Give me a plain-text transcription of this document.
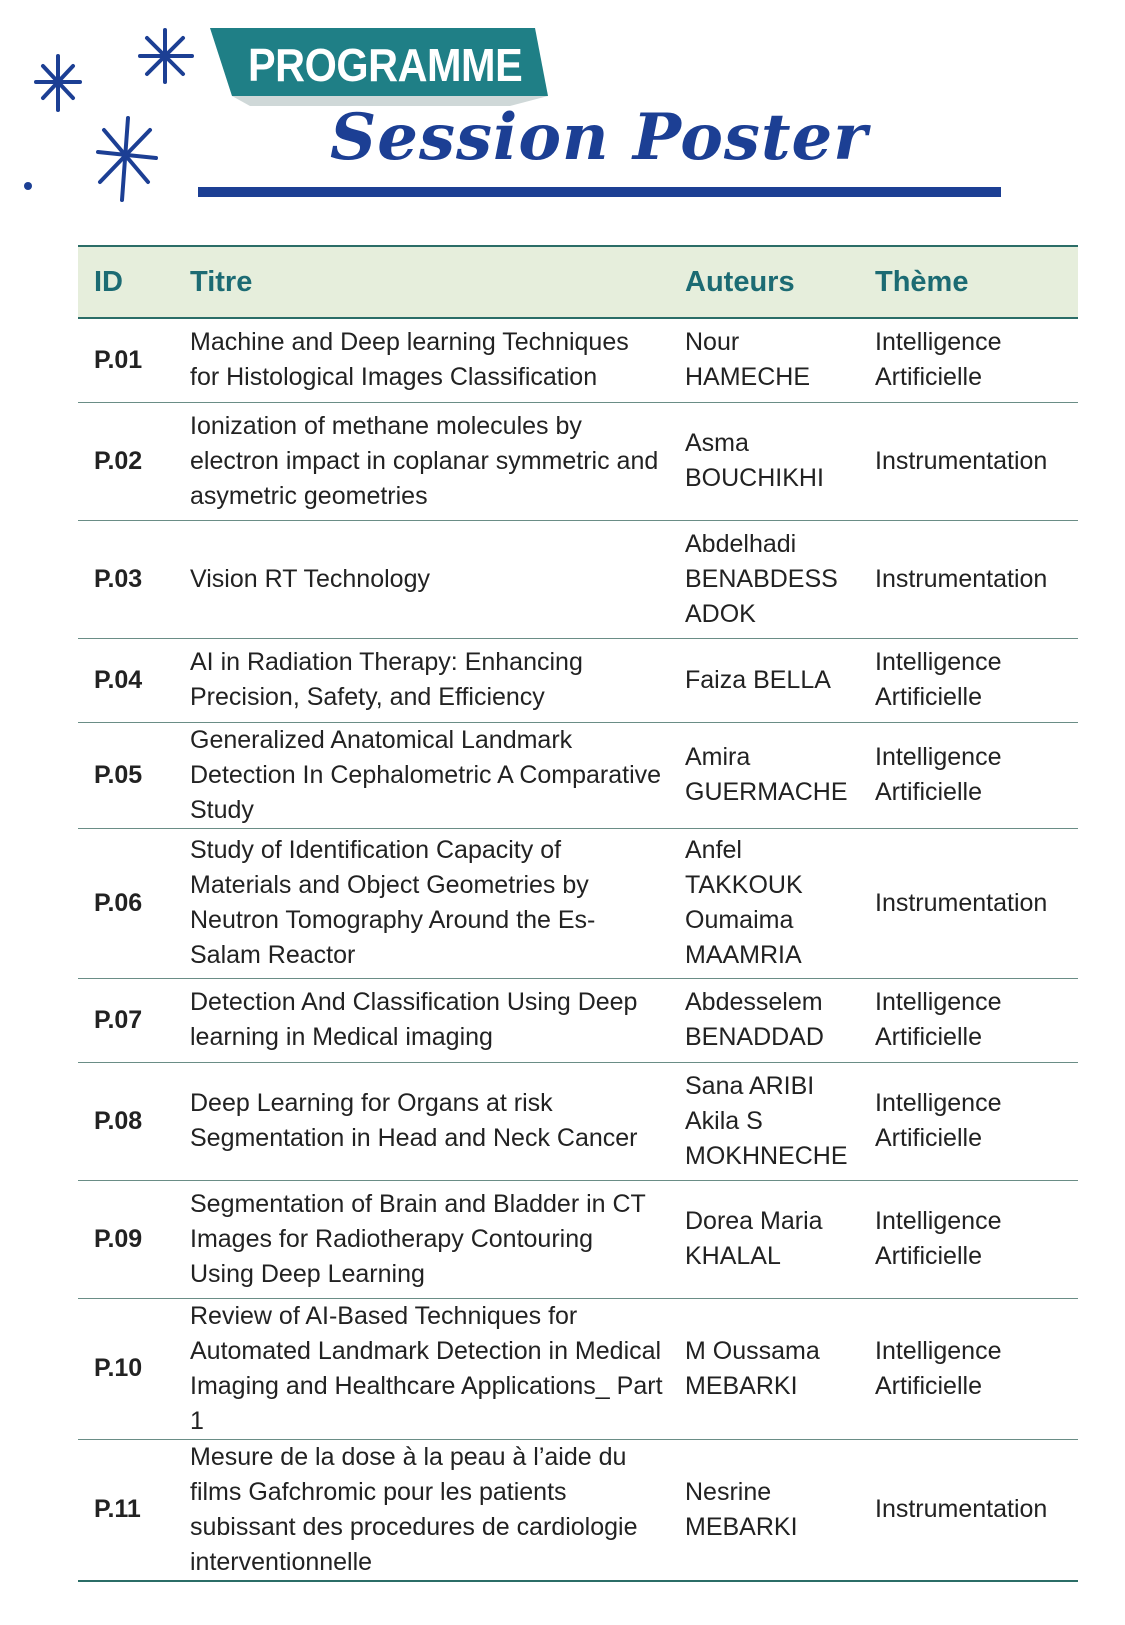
PROGRAMME
Session Poster
ID	Titre	Auteurs	Thème
P.01	Machine and Deep learning Techniques for Histological Images Classification	Nour HAMECHE	Intelligence Artificielle
P.02	Ionization of methane molecules by electron impact in coplanar symmetric and asymetric geometries	Asma BOUCHIKHI	Instrumentation
P.03	Vision RT Technology	Abdelhadi BENABDESS ADOK	Instrumentation
P.04	AI in Radiation Therapy: Enhancing Precision, Safety, and Efficiency	Faiza BELLA	Intelligence Artificielle
P.05	Generalized Anatomical Landmark Detection In Cephalometric A Comparative Study	Amira GUERMACHE	Intelligence Artificielle
P.06	Study of Identification Capacity of Materials and Object Geometries by Neutron Tomography Around the Es-Salam Reactor	Anfel TAKKOUK Oumaima MAAMRIA	Instrumentation
P.07	Detection And Classification Using Deep learning in Medical imaging	Abdesselem BENADDAD	Intelligence Artificielle
P.08	Deep Learning for Organs at risk Segmentation in Head and Neck Cancer	Sana ARIBI Akila S MOKHNECHE	Intelligence Artificielle
P.09	Segmentation of Brain and Bladder in CT Images for Radiotherapy Contouring Using Deep Learning	Dorea Maria KHALAL	Intelligence Artificielle
P.10	Review of AI-Based Techniques for Automated Landmark Detection in Medical Imaging and Healthcare Applications_ Part 1	M Oussama MEBARKI	Intelligence Artificielle
P.11	Mesure de la dose à la peau à l’aide du films Gafchromic pour les patients subissant des procedures de cardiologie interventionnelle	Nesrine MEBARKI	Instrumentation
